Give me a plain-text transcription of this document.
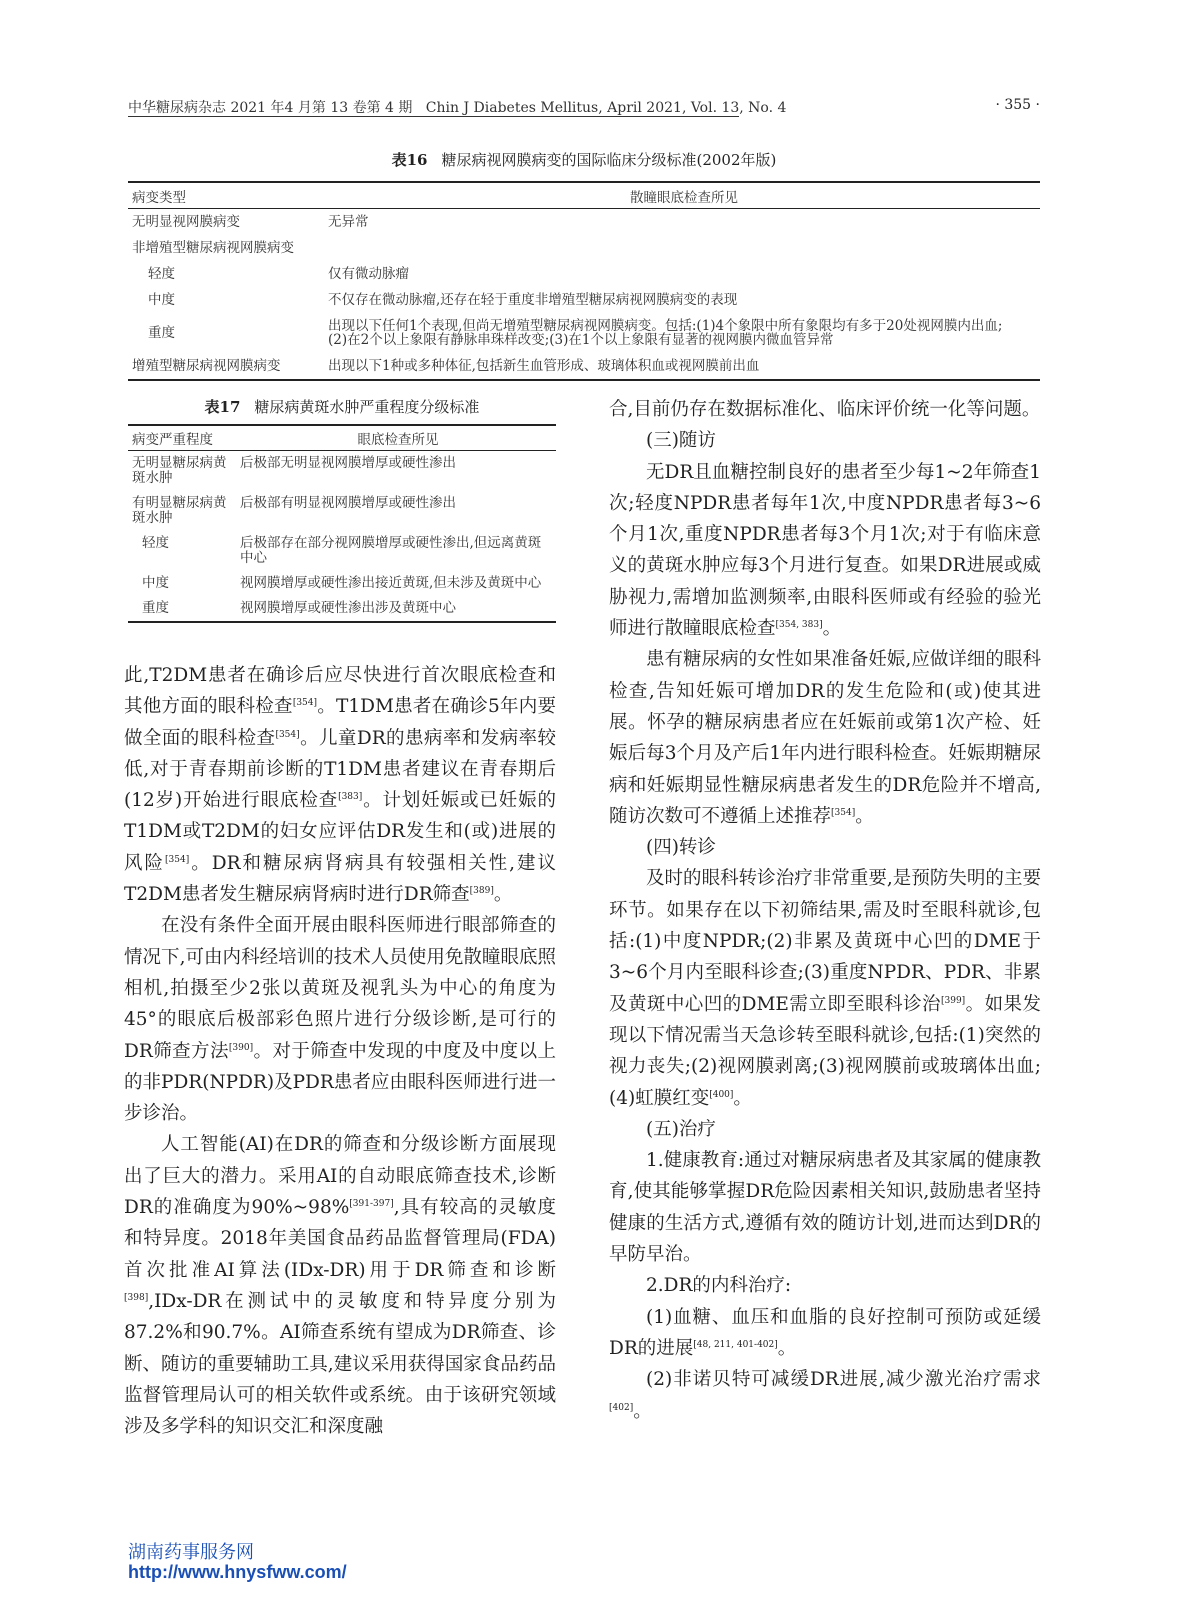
中华糖尿病杂志 2021 年4 月第 13 卷第 4 期 Chin J Diabetes Mellitus, April 2021, Vol. 13, No. 4	· 355 ·
表16 糖尿病视网膜病变的国际临床分级标准(2002年版)
病变类型	散瞳眼底检查所见
无明显视网膜病变	无异常
非增殖型糖尿病视网膜病变	
轻度	仅有微动脉瘤
中度	不仅存在微动脉瘤,还存在轻于重度非增殖型糖尿病视网膜病变的表现
重度	出现以下任何1个表现,但尚无增殖型糖尿病视网膜病变。包括:(1)4个象限中所有象限均有多于20处视网膜内出血;(2)在2个以上象限有静脉串珠样改变;(3)在1个以上象限有显著的视网膜内微血管异常
增殖型糖尿病视网膜病变	出现以下1种或多种体征,包括新生血管形成、玻璃体积血或视网膜前出血
表17 糖尿病黄斑水肿严重程度分级标准
病变严重程度	眼底检查所见
无明显糖尿病黄斑水肿	后极部无明显视网膜增厚或硬性渗出
有明显糖尿病黄斑水肿	后极部有明显视网膜增厚或硬性渗出
轻度	后极部存在部分视网膜增厚或硬性渗出,但远离黄斑中心
中度	视网膜增厚或硬性渗出接近黄斑,但未涉及黄斑中心
重度	视网膜增厚或硬性渗出涉及黄斑中心

此,T2DM患者在确诊后应尽快进行首次眼底检查和其他方面的眼科检查[354]。T1DM患者在确诊5年内要做全面的眼科检查[354]。儿童DR的患病率和发病率较低,对于青春期前诊断的T1DM患者建议在青春期后(12岁)开始进行眼底检查[383]。计划妊娠或已妊娠的T1DM或T2DM的妇女应评估DR发生和(或)进展的风险[354]。DR和糖尿病肾病具有较强相关性,建议T2DM患者发生糖尿病肾病时进行DR筛查[389]。

在没有条件全面开展由眼科医师进行眼部筛查的情况下,可由内科经培训的技术人员使用免散瞳眼底照相机,拍摄至少2张以黄斑及视乳头为中心的角度为45°的眼底后极部彩色照片进行分级诊断,是可行的DR筛查方法[390]。对于筛查中发现的中度及中度以上的非PDR(NPDR)及PDR患者应由眼科医师进行进一步诊治。

人工智能(AI)在DR的筛查和分级诊断方面展现出了巨大的潜力。采用AI的自动眼底筛查技术,诊断DR的准确度为90%~98%[391-397],具有较高的灵敏度和特异度。2018年美国食品药品监督管理局(FDA)首次批准AI算法(IDx-DR)用于DR筛查和诊断[398],IDx-DR在测试中的灵敏度和特异度分别为87.2%和90.7%。AI筛查系统有望成为DR筛查、诊断、随访的重要辅助工具,建议采用获得国家食品药品监督管理局认可的相关软件或系统。由于该研究领域涉及多学科的知识交汇和深度融

合,目前仍存在数据标准化、临床评价统一化等问题。

(三)随访

无DR且血糖控制良好的患者至少每1~2年筛查1次;轻度NPDR患者每年1次,中度NPDR患者每3~6个月1次,重度NPDR患者每3个月1次;对于有临床意义的黄斑水肿应每3个月进行复查。如果DR进展或威胁视力,需增加监测频率,由眼科医师或有经验的验光师进行散瞳眼底检查[354, 383]。

患有糖尿病的女性如果准备妊娠,应做详细的眼科检查,告知妊娠可增加DR的发生危险和(或)使其进展。怀孕的糖尿病患者应在妊娠前或第1次产检、妊娠后每3个月及产后1年内进行眼科检查。妊娠期糖尿病和妊娠期显性糖尿病患者发生的DR危险并不增高,随访次数可不遵循上述推荐[354]。

(四)转诊

及时的眼科转诊治疗非常重要,是预防失明的主要环节。如果存在以下初筛结果,需及时至眼科就诊,包括:(1)中度NPDR;(2)非累及黄斑中心凹的DME于3~6个月内至眼科诊查;(3)重度NPDR、PDR、非累及黄斑中心凹的DME需立即至眼科诊治[399]。如果发现以下情况需当天急诊转至眼科就诊,包括:(1)突然的视力丧失;(2)视网膜剥离;(3)视网膜前或玻璃体出血;(4)虹膜红变[400]。

(五)治疗

1.健康教育:通过对糖尿病患者及其家属的健康教育,使其能够掌握DR危险因素相关知识,鼓励患者坚持健康的生活方式,遵循有效的随访计划,进而达到DR的早防早治。

2.DR的内科治疗:

(1)血糖、血压和血脂的良好控制可预防或延缓DR的进展[48, 211, 401-402]。

(2)非诺贝特可减缓DR进展,减少激光治疗需求[402]。

湖南药事服务网
http://www.hnysfww.com/
